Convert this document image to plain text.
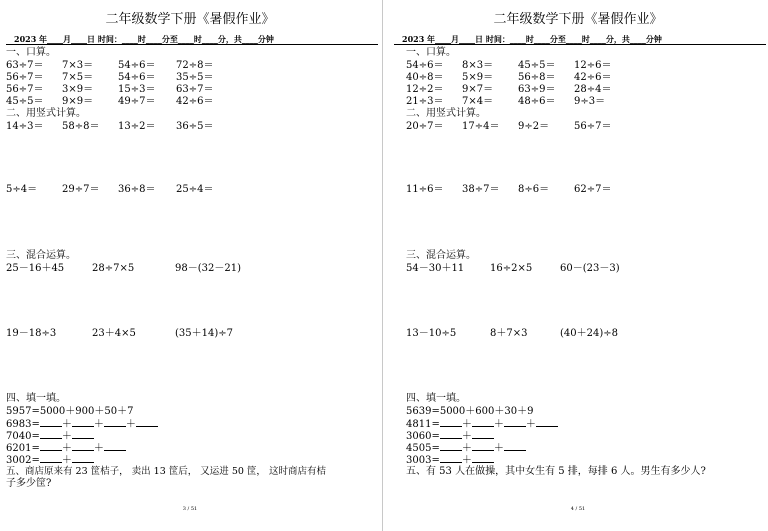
二年级数学下册《暑假作业》
2023 年____月____日 时间：____时____分至____时____分，共____分钟
一、口算。
63÷7＝ 7×3＝ 54÷6＝ 72÷8＝
56÷7＝ 7×5＝ 54÷6＝ 35÷5＝
56÷7＝ 3×9＝ 15÷3＝ 63÷7＝
45÷5＝ 9×9＝ 49÷7＝ 42÷6＝
二、用竖式计算。
14÷3＝ 58÷8＝ 13÷2＝ 36÷5＝
5÷4＝ 29÷7＝ 36÷8＝ 25÷4＝
三、混合运算。
25－16＋45	28÷7×5	98－(32－21)
19－18÷3	23＋4×5	(35＋14)÷7
四、填一填。
5957=5000＋900＋50＋7
6983= ＋ ＋ ＋
7040= ＋
6201= ＋ ＋
3002= ＋
五、商店原来有 23 筐桔子， 卖出 13 筐后， 又运进 50 筐， 这时商店有桔
子多少筐?
3 / 51
二年级数学下册《暑假作业》
2023 年____月____日 时间：____时____分至____时____分，共____分钟
一、口算。
54÷6＝ 8×3＝ 45÷5＝ 12÷6＝
40÷8＝ 5×9＝ 56÷8＝ 42÷6＝
12÷2＝ 9×7＝ 63÷9＝ 28÷4＝
21÷3＝ 7×4＝ 48÷6＝ 9÷3＝
二、用竖式计算。
20÷7＝ 17÷4＝ 9÷2＝ 56÷7＝
11÷6＝ 38÷7＝ 8÷6＝ 62÷7＝
三、混合运算。
54－30＋11	16÷2×5	60－(23－3)
13－10÷5	8＋7×3	(40＋24)÷8
四、填一填。
5639=5000＋600＋30＋9
4811= ＋ ＋ ＋
3060= ＋
4505= ＋ ＋
3003= ＋
五、有 53 人在做操，其中女生有 5 排，每排 6 人。男生有多少人?
4 / 51
